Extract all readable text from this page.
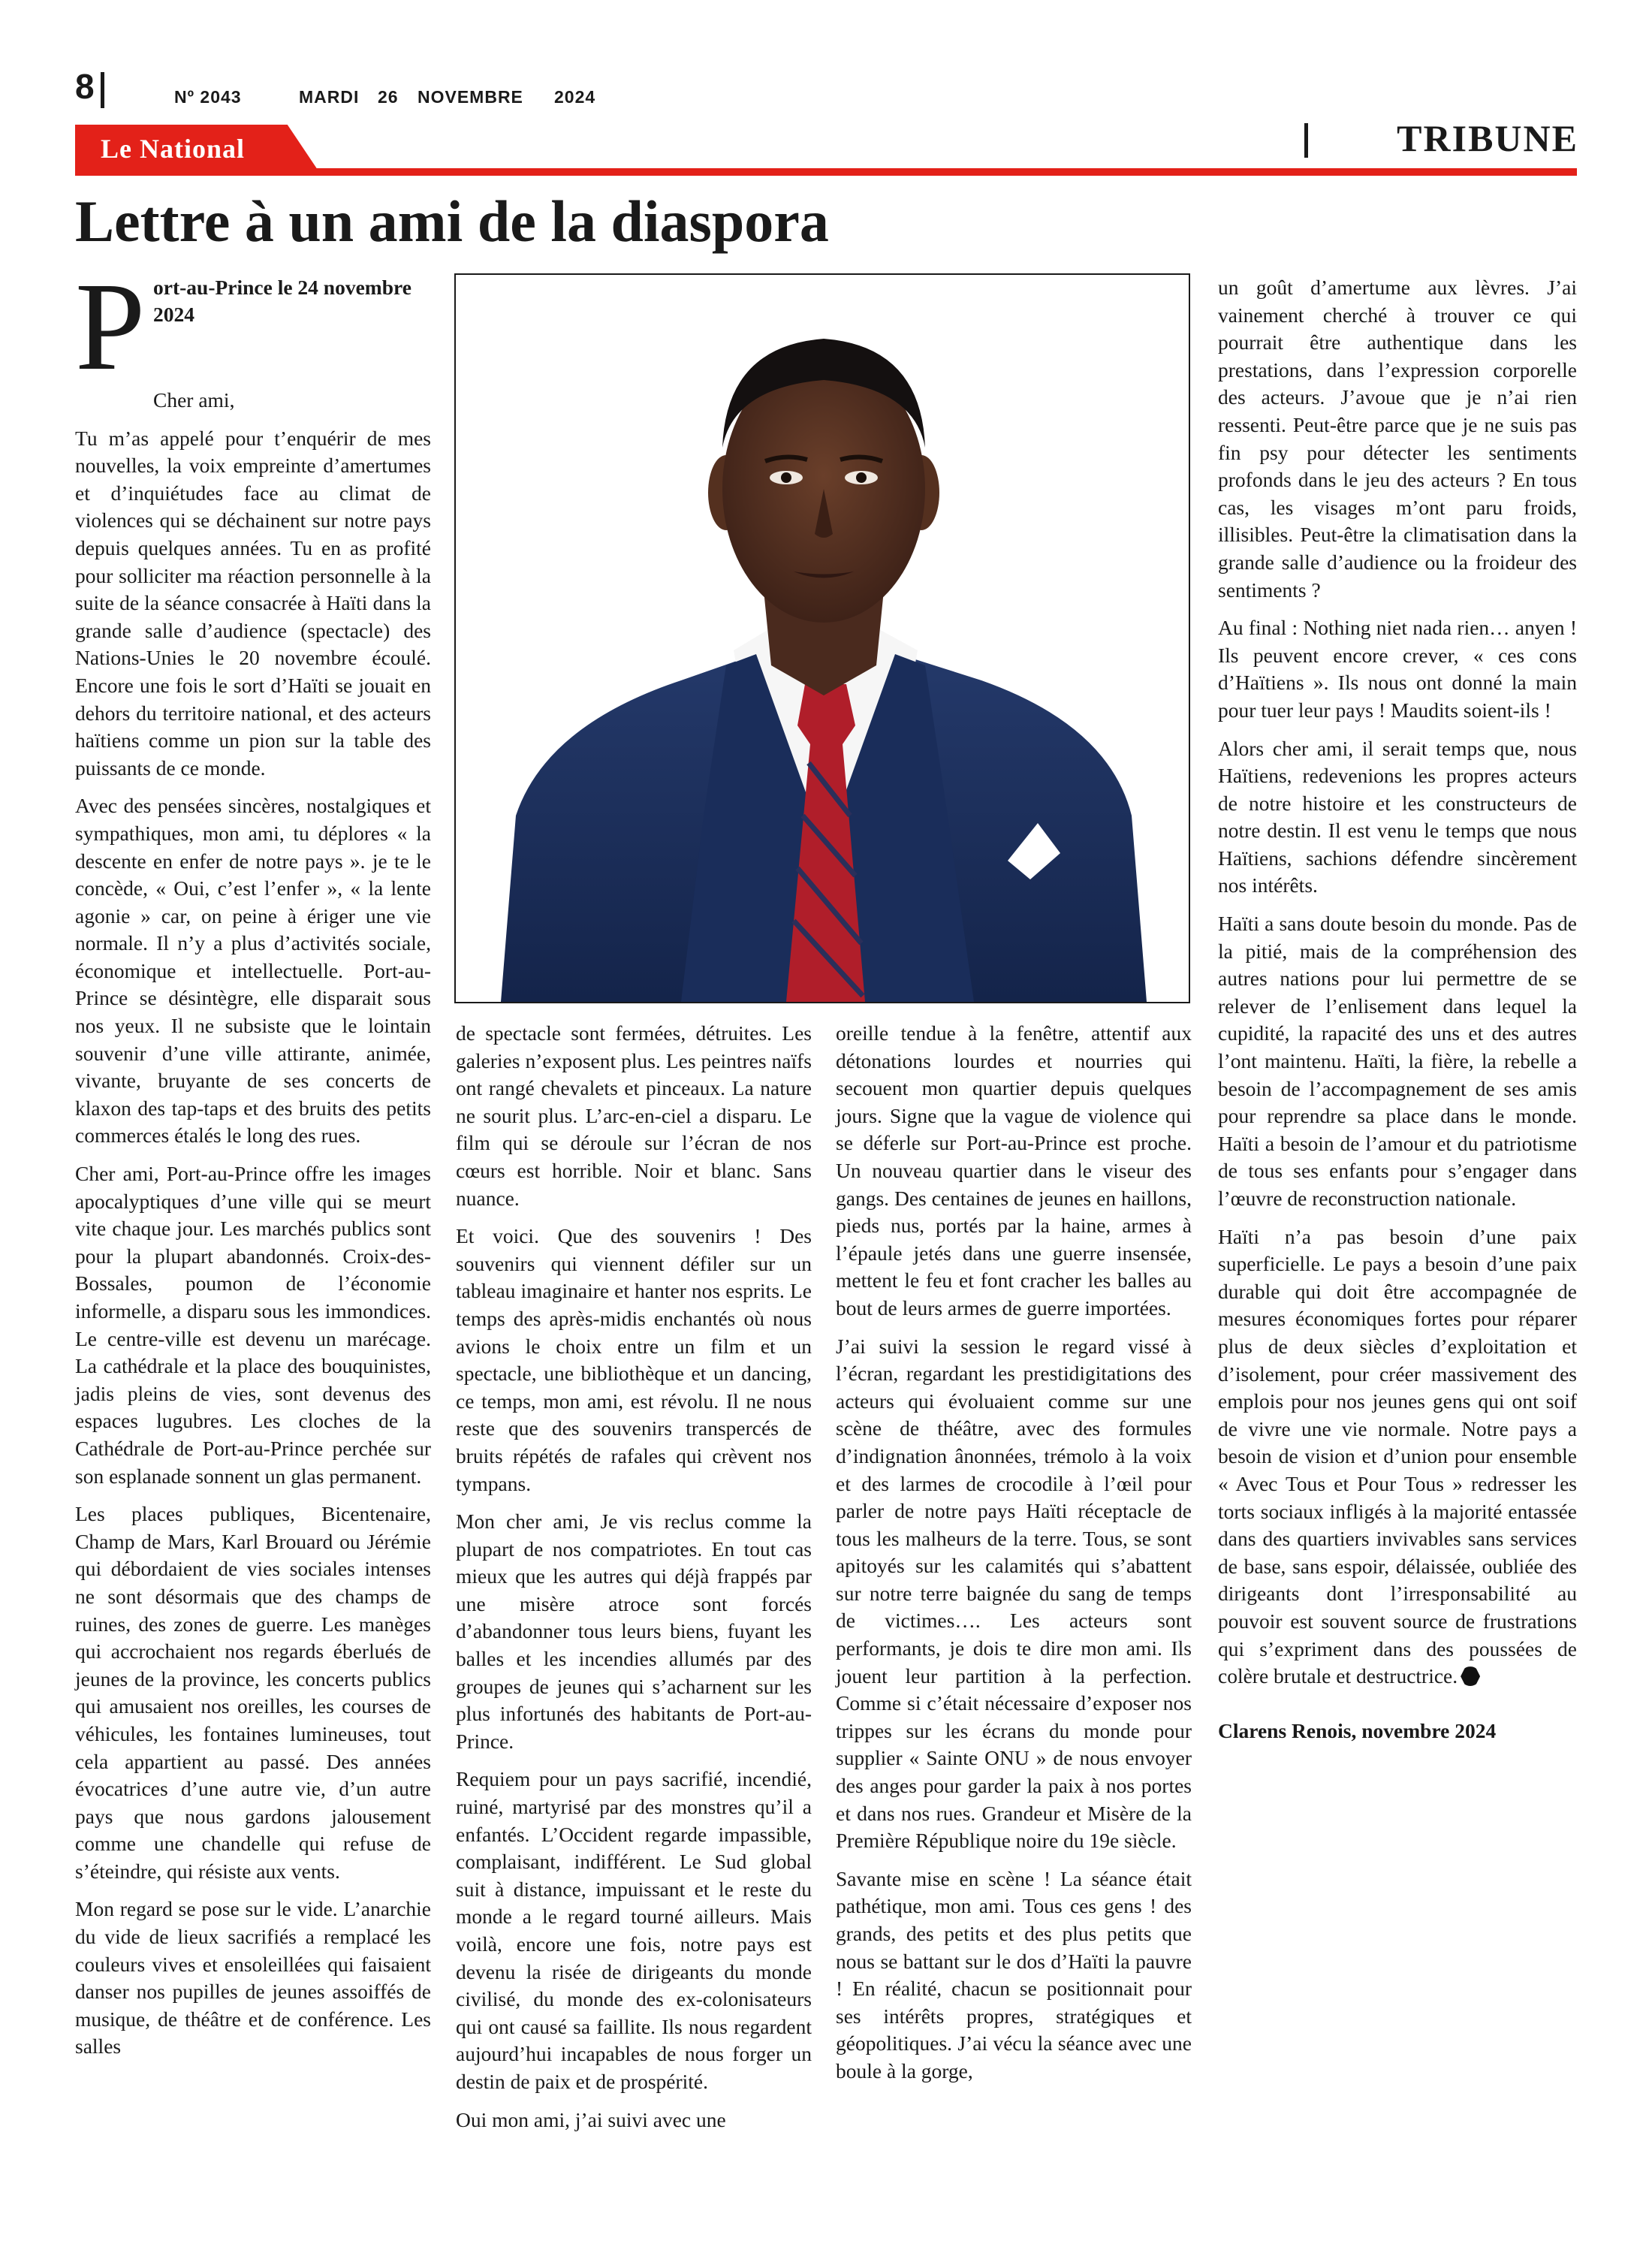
8	Nº 2043	MARDI 26 NOVEMBRE 2024
Le National	TRIBUNE
Lettre à un ami de la diaspora
P ort-au-Prince le 24 novembre 2024

Cher ami,

Tu m’as appelé pour t’enquérir de mes nouvelles, la voix empreinte d’amertumes et d’inquiétudes face au climat de violences qui se déchainent sur notre pays depuis quelques années. Tu en as profité pour solliciter ma réaction personnelle à la suite de la séance consacrée à Haïti dans la grande salle d’audience (spectacle) des Nations-Unies le 20 novembre écoulé. Encore une fois le sort d’Haïti se jouait en dehors du territoire national, et des acteurs haïtiens comme un pion sur la table des puissants de ce monde.

Avec des pensées sincères, nostalgiques et sympathiques, mon ami, tu déplores « la descente en enfer de notre pays ». je te le concède, « Oui, c’est l’enfer », « la lente agonie » car, on peine à ériger une vie normale. Il n’y a plus d’activités sociale, économique et intellectuelle. Port-au-Prince se désintègre, elle disparait sous nos yeux. Il ne subsiste que le lointain souvenir d’une ville attirante, animée, vivante, bruyante de ses concerts de klaxon des tap-taps et des bruits des petits commerces étalés le long des rues.

Cher ami, Port-au-Prince offre les images apocalyptiques d’une ville qui se meurt vite chaque jour. Les marchés publics sont pour la plupart abandonnés. Croix-des-Bossales, poumon de l’économie informelle, a disparu sous les immondices. Le centre-ville est devenu un marécage. La cathédrale et la place des bouquinistes, jadis pleins de vies, sont devenus des espaces lugubres. Les cloches de la Cathédrale de Port-au-Prince perchée sur son esplanade sonnent un glas permanent.

Les places publiques, Bicentenaire, Champ de Mars, Karl Brouard ou Jérémie qui débordaient de vies sociales intenses ne sont désormais que des champs de ruines, des zones de guerre. Les manèges qui accrochaient nos regards éberlués de jeunes de la province, les concerts publics qui amusaient nos oreilles, les courses de véhicules, les fontaines lumineuses, tout cela appartient au passé. Des années évocatrices d’une autre vie, d’un autre pays que nous gardons jalousement comme une chandelle qui refuse de s’éteindre, qui résiste aux vents.

Mon regard se pose sur le vide. L’anarchie du vide de lieux sacrifiés a remplacé les couleurs vives et ensoleillées qui faisaient danser nos pupilles de jeunes assoiffés de musique, de théâtre et de conférence. Les salles

de spectacle sont fermées, détruites. Les galeries n’exposent plus. Les peintres naïfs ont rangé chevalets et pinceaux. La nature ne sourit plus. L’arc-en-ciel a disparu. Le film qui se déroule sur l’écran de nos cœurs est horrible. Noir et blanc. Sans nuance.

Et voici. Que des souvenirs ! Des souvenirs qui viennent défiler sur un tableau imaginaire et hanter nos esprits. Le temps des après-midis enchantés où nous avions le choix entre un film et un spectacle, une bibliothèque et un dancing, ce temps, mon ami, est révolu. Il ne nous reste que des souvenirs transpercés de bruits répétés de rafales qui crèvent nos tympans.

Mon cher ami, Je vis reclus comme la plupart de nos compatriotes. En tout cas mieux que les autres qui déjà frappés par une misère atroce sont forcés d’abandonner tous leurs biens, fuyant les balles et les incendies allumés par des groupes de jeunes qui s’acharnent sur les plus infortunés des habitants de Port-au-Prince.

Requiem pour un pays sacrifié, incendié, ruiné, martyrisé par des monstres qu’il a enfantés. L’Occident regarde impassible, complaisant, indifférent. Le Sud global suit à distance, impuissant et le reste du monde a le regard tourné ailleurs. Mais voilà, encore une fois, notre pays est devenu la risée de dirigeants du monde civilisé, du monde des ex-colonisateurs qui ont causé sa faillite. Ils nous regardent aujourd’hui incapables de nous forger un destin de paix et de prospérité.

Oui mon ami, j’ai suivi avec une

oreille tendue à la fenêtre, attentif aux détonations lourdes et nourries qui secouent mon quartier depuis quelques jours. Signe que la vague de violence qui se déferle sur Port-au-Prince est proche. Un nouveau quartier dans le viseur des gangs. Des centaines de jeunes en haillons, pieds nus, portés par la haine, armes à l’épaule jetés dans une guerre insensée, mettent le feu et font cracher les balles au bout de leurs armes de guerre importées.

J’ai suivi la session le regard vissé à l’écran, regardant les prestidigitations des acteurs qui évoluaient comme sur une scène de théâtre, avec des formules d’indignation ânonnées, trémolo à la voix et des larmes de crocodile à l’œil pour parler de notre pays Haïti réceptacle de tous les malheurs de la terre. Tous, se sont apitoyés sur les calamités qui s’abattent sur notre terre baignée du sang de temps de victimes…. Les acteurs sont performants, je dois te dire mon ami. Ils jouent leur partition à la perfection. Comme si c’était nécessaire d’exposer nos trippes sur les écrans du monde pour supplier « Sainte ONU » de nous envoyer des anges pour garder la paix à nos portes et dans nos rues. Grandeur et Misère de la Première République noire du 19e siècle.

Savante mise en scène ! La séance était pathétique, mon ami. Tous ces gens ! des grands, des petits et des plus petits que nous se battant sur le dos d’Haïti la pauvre ! En réalité, chacun se positionnait pour ses intérêts propres, stratégiques et géopolitiques. J’ai vécu la séance avec une boule à la gorge,

un goût d’amertume aux lèvres. J’ai vainement cherché à trouver ce qui pourrait être authentique dans les prestations, dans l’expression corporelle des acteurs. J’avoue que je n’ai rien ressenti. Peut-être parce que je ne suis pas fin psy pour détecter les sentiments profonds dans le jeu des acteurs ? En tous cas, les visages m’ont paru froids, illisibles. Peut-être la climatisation dans la grande salle d’audience ou la froideur des sentiments ?

Au final : Nothing niet nada rien… anyen ! Ils peuvent encore crever, « ces cons d’Haïtiens ». Ils nous ont donné la main pour tuer leur pays ! Maudits soient-ils !

Alors cher ami, il serait temps que, nous Haïtiens, redevenions les propres acteurs de notre histoire et les constructeurs de notre destin. Il est venu le temps que nous Haïtiens, sachions défendre sincèrement nos intérêts.

Haïti a sans doute besoin du monde. Pas de la pitié, mais de la compréhension des autres nations pour lui permettre de se relever de l’enlisement dans lequel la cupidité, la rapacité des uns et des autres l’ont maintenu. Haïti, la fière, la rebelle a besoin de l’accompagnement de ses amis pour reprendre sa place dans le monde. Haïti a besoin de l’amour et du patriotisme de tous ses enfants pour s’engager dans l’œuvre de reconstruction nationale.

Haïti n’a pas besoin d’une paix superficielle. Le pays a besoin d’une paix durable qui doit être accompagnée de mesures économiques fortes pour réparer plus de deux siècles d’exploitation et d’isolement, pour créer massivement des emplois pour nos jeunes gens qui ont soif de vivre une vie normale. Notre pays a besoin de vision et d’union pour ensemble « Avec Tous et Pour Tous » redresser les torts sociaux infligés à la majorité entassée dans des quartiers invivables sans services de base, sans espoir, délaissée, oubliée des dirigeants dont l’irresponsabilité au pouvoir est souvent source de frustrations qui s’expriment dans des poussées de colère brutale et destructrice.

Clarens Renois, novembre 2024
